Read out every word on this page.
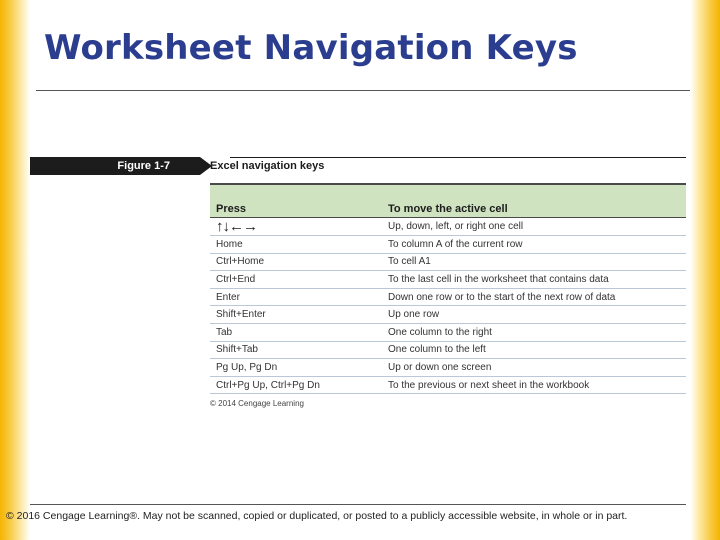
Worksheet Navigation Keys
Figure 1-7	Excel navigation keys
Press	To move the active cell
↑↓←→	Up, down, left, or right one cell
Home	To column A of the current row
Ctrl+Home	To cell A1
Ctrl+End	To the last cell in the worksheet that contains data
Enter	Down one row or to the start of the next row of data
Shift+Enter	Up one row
Tab	One column to the right
Shift+Tab	One column to the left
Pg Up, Pg Dn	Up or down one screen
Ctrl+Pg Up, Ctrl+Pg Dn	To the previous or next sheet in the workbook
© 2014 Cengage Learning

© 2016 Cengage Learning®. May not be scanned, copied or duplicated, or posted to a publicly accessible website, in whole or in part.
